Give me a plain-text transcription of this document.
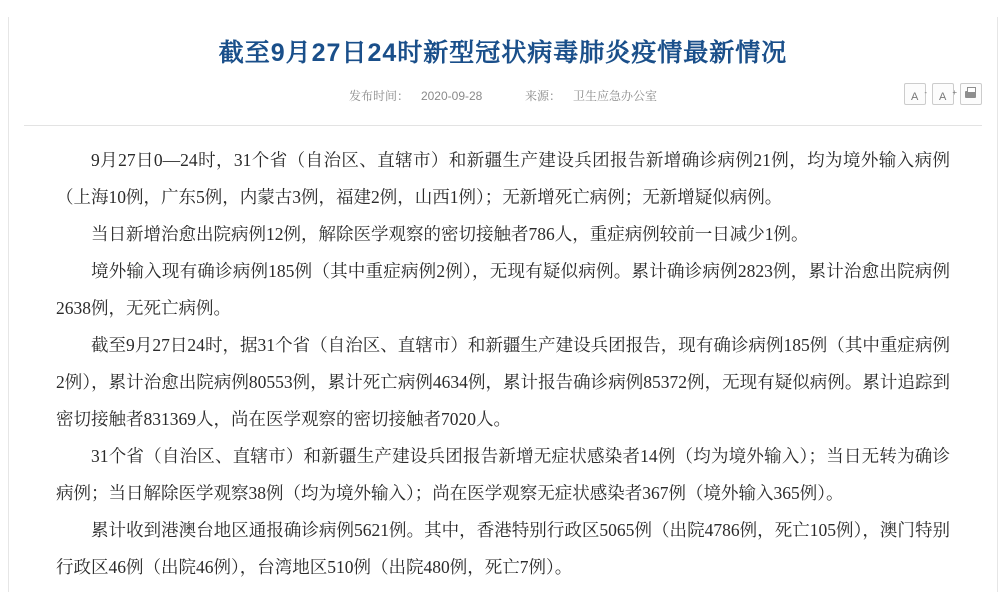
截至9月27日24时新型冠状病毒肺炎疫情最新情况
发布时间： 2020-09-28	来源： 卫生应急办公室	A -	A +

9月27日0—24时，31个省（自治区、直辖市）和新疆生产建设兵团报告新增确诊病例21例，均为境外输入病例（上海10例，广东5例，内蒙古3例，福建2例，山西1例）；无新增死亡病例；无新增疑似病例。

当日新增治愈出院病例12例，解除医学观察的密切接触者786人，重症病例较前一日减少1例。

境外输入现有确诊病例185例（其中重症病例2例），无现有疑似病例。累计确诊病例2823例，累计治愈出院病例2638例，无死亡病例。

截至9月27日24时，据31个省（自治区、直辖市）和新疆生产建设兵团报告，现有确诊病例185例（其中重症病例2例），累计治愈出院病例80553例，累计死亡病例4634例，累计报告确诊病例85372例，无现有疑似病例。累计追踪到密切接触者831369人，尚在医学观察的密切接触者7020人。

31个省（自治区、直辖市）和新疆生产建设兵团报告新增无症状感染者14例（均为境外输入）；当日无转为确诊病例；当日解除医学观察38例（均为境外输入）；尚在医学观察无症状感染者367例（境外输入365例）。

累计收到港澳台地区通报确诊病例5621例。其中，香港特别行政区5065例（出院4786例，死亡105例），澳门特别行政区46例（出院46例），台湾地区510例（出院480例，死亡7例）。
